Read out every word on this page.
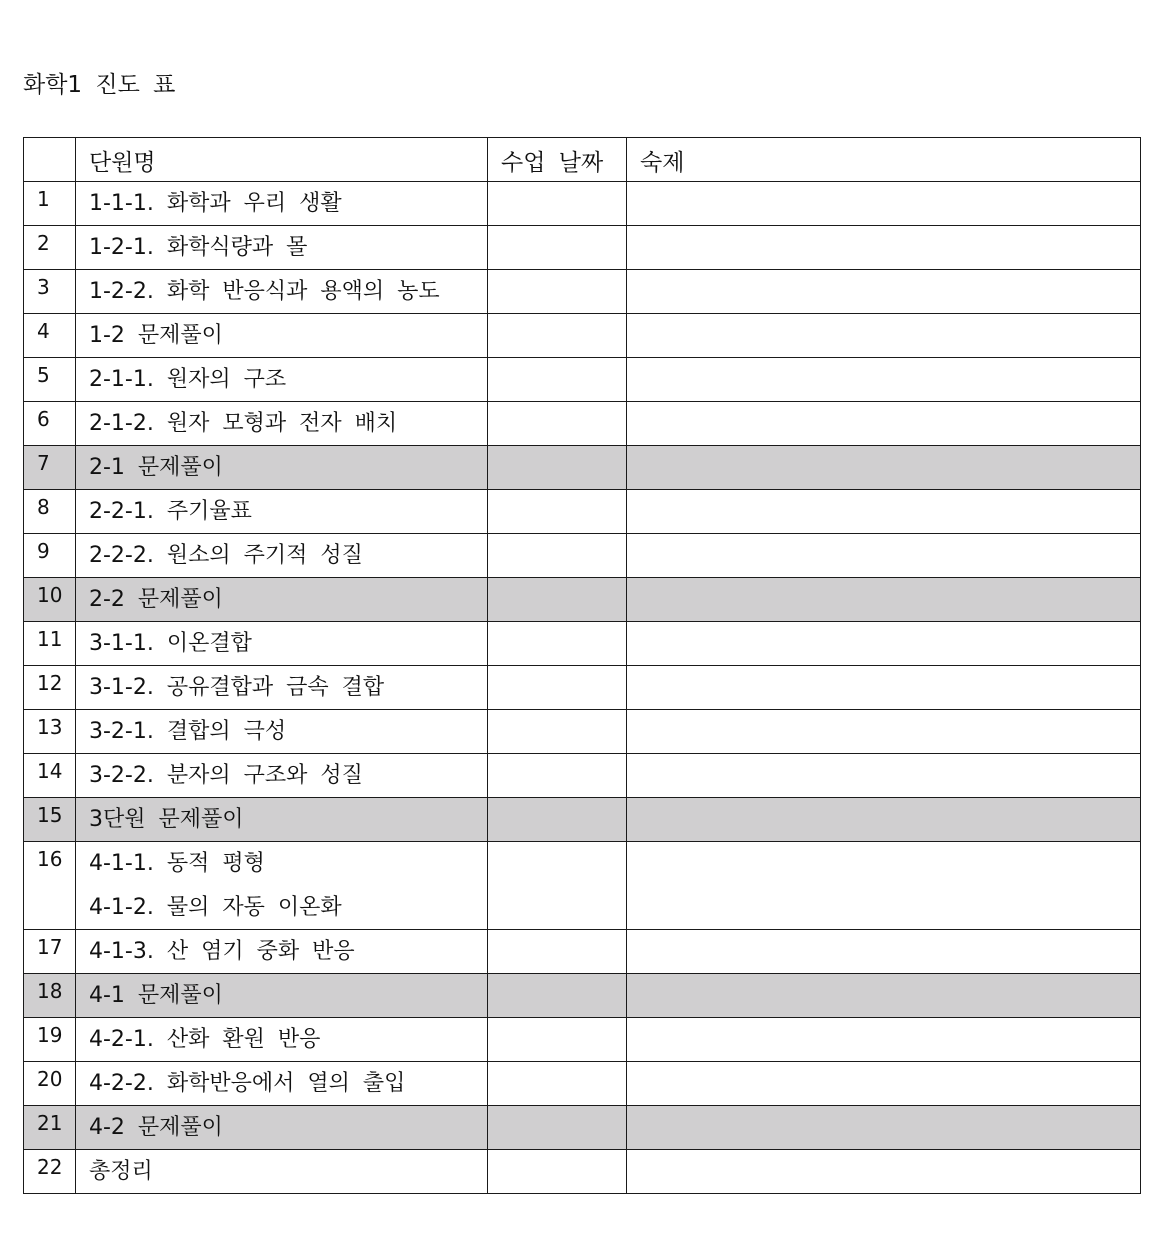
화학1 진도 표

	단원명	수업 날짜	숙제

1	1-1-1. 화학과 우리 생활		

2	1-2-1. 화학식량과 몰		

3	1-2-2. 화학 반응식과 용액의 농도		

4	1-2 문제풀이		

5	2-1-1. 원자의 구조		

6	2-1-2. 원자 모형과 전자 배치		

7	2-1 문제풀이		

8	2-2-1. 주기율표		

9	2-2-2. 원소의 주기적 성질		

10	2-2 문제풀이		

11	3-1-1. 이온결합		

12	3-1-2. 공유결합과 금속 결합		

13	3-2-1. 결합의 극성		

14	3-2-2. 분자의 구조와 성질		

15	3단원 문제풀이		

16	4-1-1. 동적 평형
4-1-2. 물의 자동 이온화		

17	4-1-3. 산 염기 중화 반응		

18	4-1 문제풀이		

19	4-2-1. 산화 환원 반응		

20	4-2-2. 화학반응에서 열의 출입		

21	4-2 문제풀이		

22	총정리		
